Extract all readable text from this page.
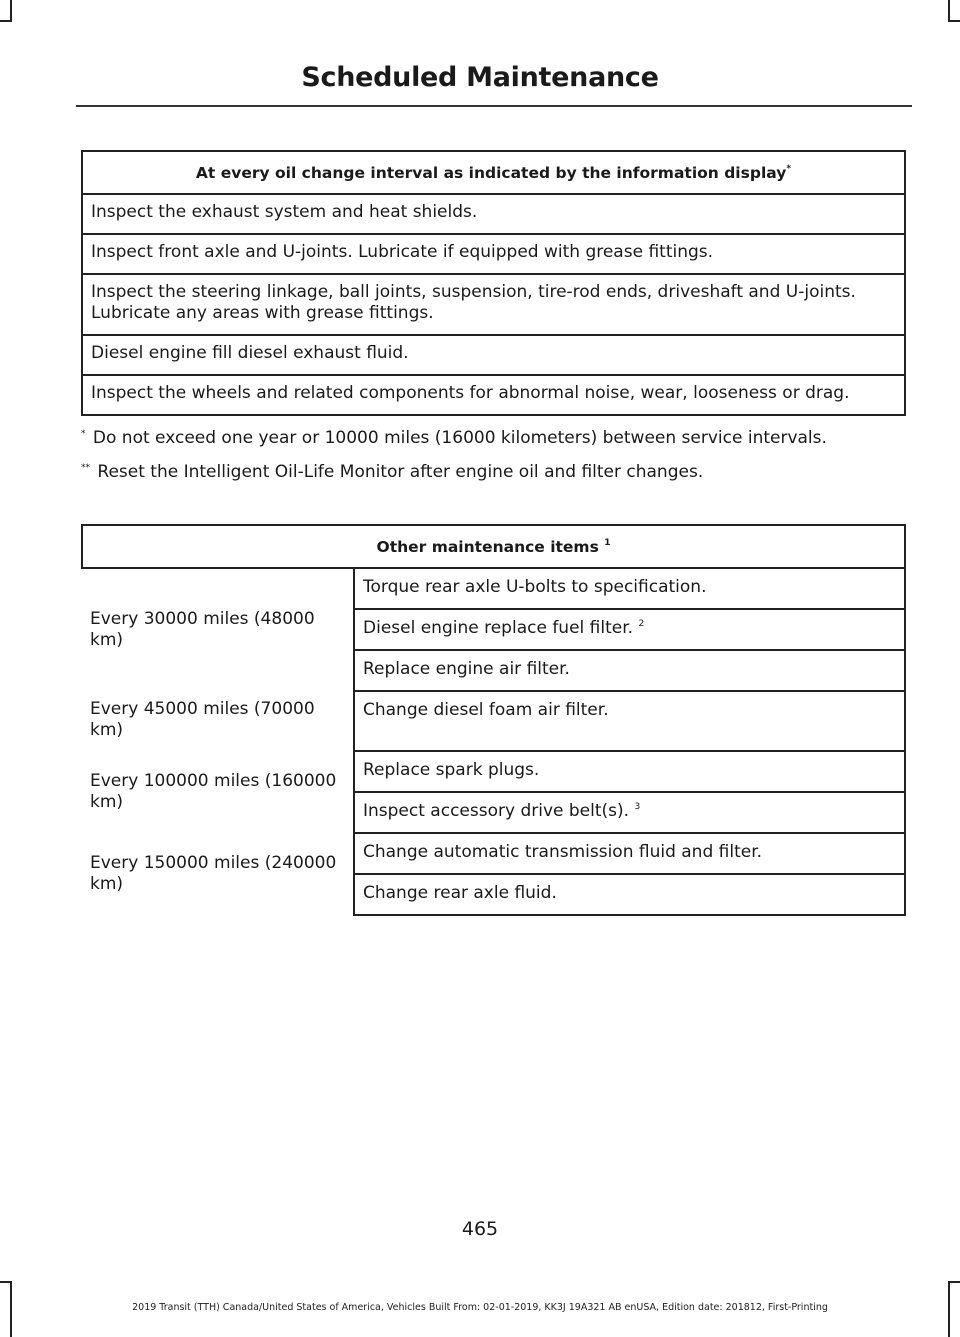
Scheduled Maintenance
At every oil change interval as indicated by the information display*
Inspect the exhaust system and heat shields.
Inspect front axle and U-joints. Lubricate if equipped with grease fittings.
Inspect the steering linkage, ball joints, suspension, tire-rod ends, driveshaft and U-joints. Lubricate any areas with grease fittings.
Diesel engine fill diesel exhaust fluid.
Inspect the wheels and related components for abnormal noise, wear, looseness or drag.
* Do not exceed one year or 10000 miles (16000 kilometers) between service intervals.
** Reset the Intelligent Oil-Life Monitor after engine oil and filter changes.
Other maintenance items $^1$
Every 30000 miles (48000 km)	Torque rear axle U-bolts to specification.
	Diesel engine replace fuel filter. $^2$
	Replace engine air filter.
Every 45000 miles (70000 km)	Change diesel foam air filter.
Every 100000 miles (160000 km)	Replace spark plugs.
	Inspect accessory drive belt(s). $^3$
Every 150000 miles (240000 km)	Change automatic transmission fluid and filter.
	Change rear axle fluid.
465
2019 Transit (TTH) Canada/United States of America, Vehicles Built From: 02-01-2019, KK3J 19A321 AB enUSA, Edition date: 201812, First-Printing
